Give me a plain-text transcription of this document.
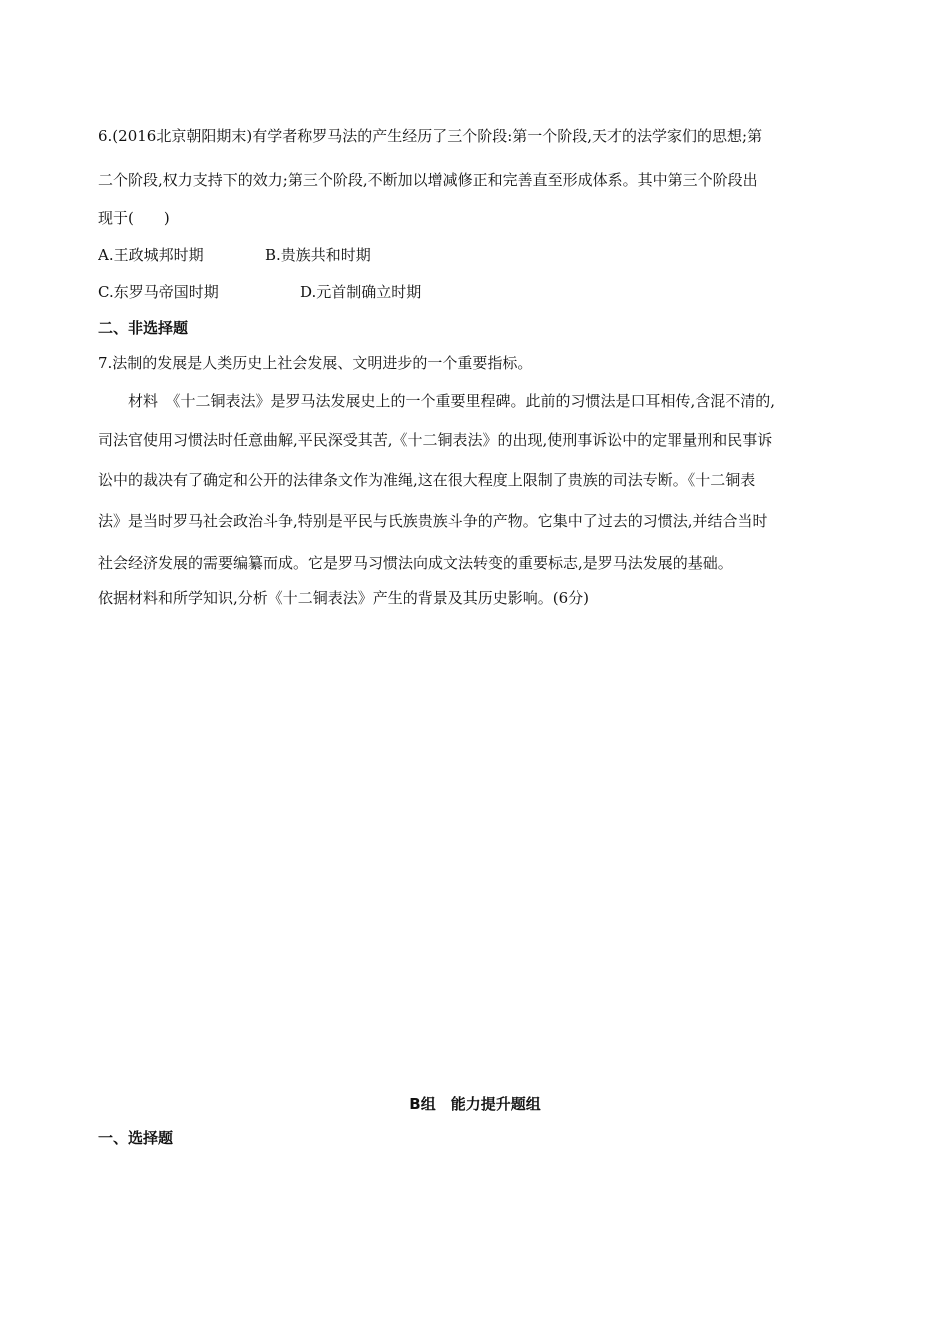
6.(2016北京朝阳期末)有学者称罗马法的产生经历了三个阶段:第一个阶段,天才的法学家们的思想;第
二个阶段,权力支持下的效力;第三个阶段,不断加以增减修正和完善直至形成体系。其中第三个阶段出
现于(　　)
A.王政城邦时期	B.贵族共和时期
C.东罗马帝国时期	D.元首制确立时期
二、非选择题
7.法制的发展是人类历史上社会发展、文明进步的一个重要指标。
材料　《十二铜表法》是罗马法发展史上的一个重要里程碑。此前的习惯法是口耳相传,含混不清的,
司法官使用习惯法时任意曲解,平民深受其苦,《十二铜表法》的出现,使刑事诉讼中的定罪量刑和民事诉
讼中的裁决有了确定和公开的法律条文作为准绳,这在很大程度上限制了贵族的司法专断。《十二铜表
法》是当时罗马社会政治斗争,特别是平民与氏族贵族斗争的产物。它集中了过去的习惯法,并结合当时
社会经济发展的需要编纂而成。它是罗马习惯法向成文法转变的重要标志,是罗马法发展的基础。
依据材料和所学知识,分析《十二铜表法》产生的背景及其历史影响。(6分)
B组　能力提升题组
一、选择题
